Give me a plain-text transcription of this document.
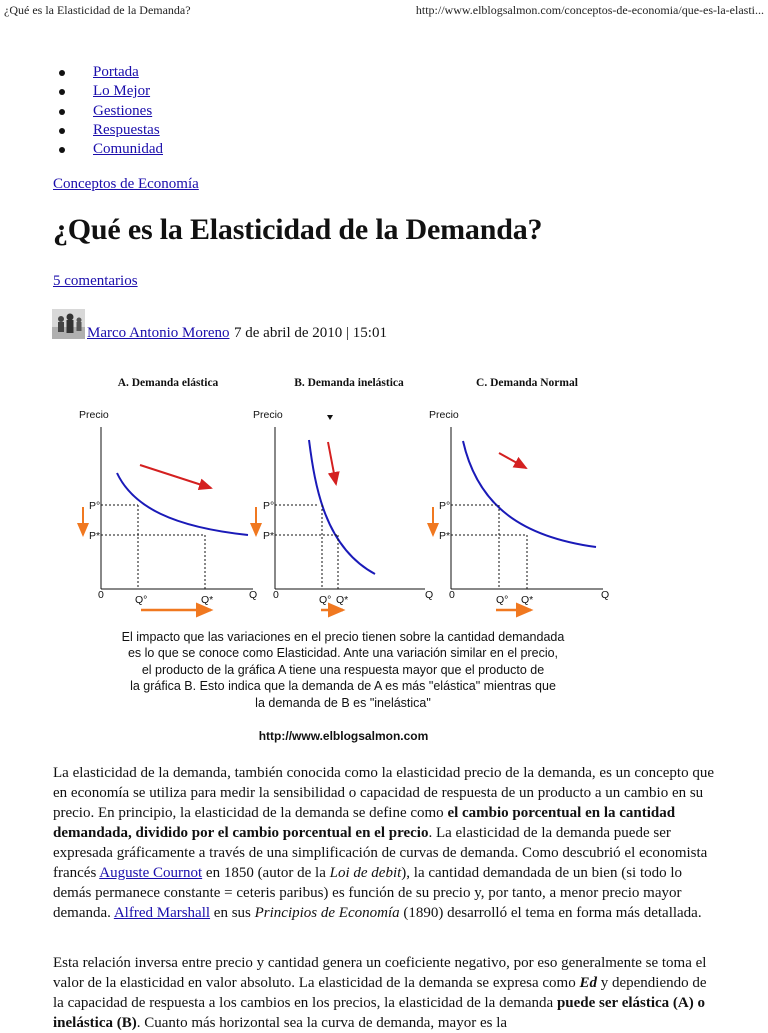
¿Qué es la Elasticidad de la Demanda?	http://www.elblogsalmon.com/conceptos-de-economia/que-es-la-elasti...
Portada
Lo Mejor
Gestiones
Respuestas
Comunidad
Conceptos de Economía
¿Qué es la Elasticidad de la Demanda?
5 comentarios
Marco Antonio Moreno 7 de abril de 2010 | 15:01
A. Demanda elástica	B. Demanda inelástica	C. Demanda Normal
Precio	Precio	Precio
P°
P*
P°
P*
P°
P*
0	0	0
Q°	Q*	Q	Q° Q*	Q	Q° Q*	Q
El impacto que las variaciones en el precio tienen sobre la cantidad demandada
es lo que se conoce como Elasticidad. Ante una variación similar en el precio,
el producto de la gráfica A tiene una respuesta mayor que el producto de
la gráfica B. Esto indica que la demanda de A es más "elástica" mientras que
la demanda de B es "inelástica"
http://www.elblogsalmon.com

La elasticidad de la demanda, también conocida como la elasticidad precio de la demanda, es un concepto que en economía se utiliza para medir la sensibilidad o capacidad de respuesta de un producto a un cambio en su precio. En principio, la elasticidad de la demanda se define como el cambio porcentual en la cantidad demandada, dividido por el cambio porcentual en el precio. La elasticidad de la demanda puede ser expresada gráficamente a través de una simplificación de curvas de demanda. Como descubrió el economista francés Auguste Cournot en 1850 (autor de la Loi de debit), la cantidad demandada de un bien (si todo lo demás permanece constante = ceteris paribus) es función de su precio y, por tanto, a menor precio mayor demanda. Alfred Marshall en sus Principios de Economía (1890) desarrolló el tema en forma más detallada.

Esta relación inversa entre precio y cantidad genera un coeficiente negativo, por eso generalmente se toma el valor de la elasticidad en valor absoluto. La elasticidad de la demanda se expresa como Ed y dependiendo de la capacidad de respuesta a los cambios en los precios, la elasticidad de la demanda puede ser elástica (A) o inelástica (B). Cuanto más horizontal sea la curva de demanda, mayor es la
